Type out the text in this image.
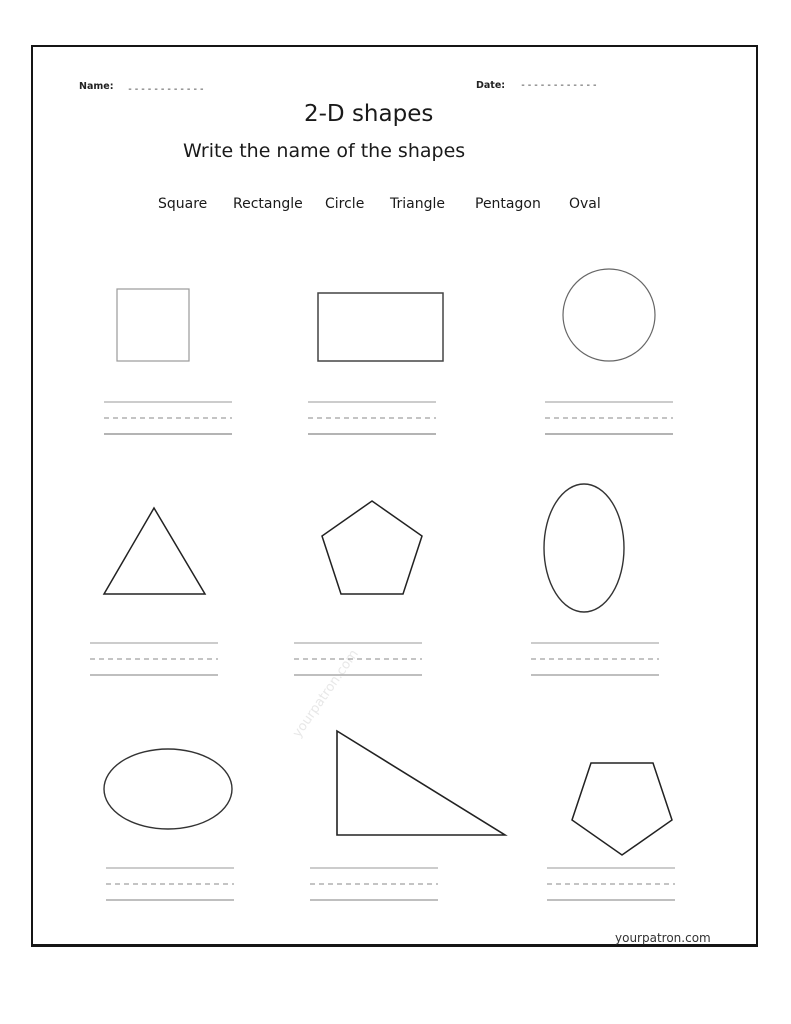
Name: ------------	Date: ------------
2-D shapes
Write the name of the shapes
Square Rectangle Circle Triangle Pentagon Oval
yourpatron.com
yourpatron.com
